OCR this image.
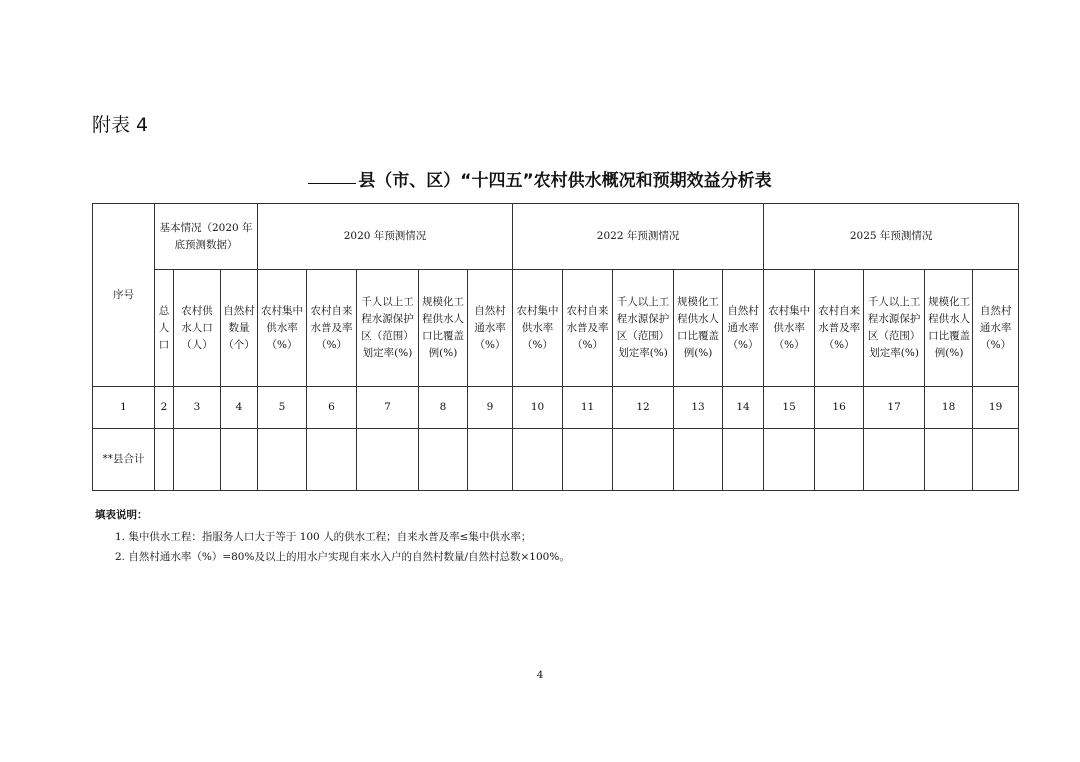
附表 4
县（市、区）“十四五”农村供水概况和预期效益分析表
序号	基本情况（2020 年底预测数据）			2020 年预测情况					2022 年预测情况					2025 年预测情况				

	总人口	农村供水人口（人）	自然村数量（个）	农村集中供水率（%）	农村自来水普及率（%）	千人以上工程水源保护区（范围）划定率(%)	规模化工程供水人口比覆盖例(%)	自然村通水率（%）	农村集中供水率（%）	农村自来水普及率（%）	千人以上工程水源保护区（范围）划定率(%)	规模化工程供水人口比覆盖例(%)	自然村通水率（%）	农村集中供水率（%）	农村自来水普及率（%）	千人以上工程水源保护区（范围）划定率(%)	规模化工程供水人口比覆盖例(%)	自然村通水率（%）

1	2	3	4	5	6	7	8	9	10	11	12	13	14	15	16	17	18	19
**县合计																		
填表说明：
1. 集中供水工程：指服务人口大于等于 100 人的供水工程；自来水普及率≤集中供水率；
2. 自然村通水率（%）=80%及以上的用水户实现自来水入户的自然村数量/自然村总数×100%。
4
